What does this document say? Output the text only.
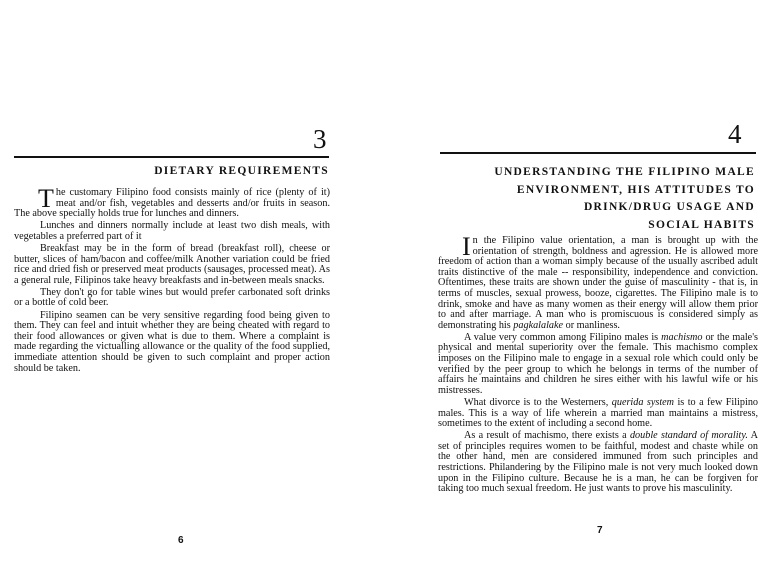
3
DIETARY REQUIREMENTS

The customary Filipino food consists mainly of rice (plenty of it) meat and/or fish, vegetables and desserts and/or fruits in season. The above specially holds true for lunches and dinners.

Lunches and dinners normally include at least two dish meals, with vegetables a preferred part of it

Breakfast may be in the form of bread (breakfast roll), cheese or butter, slices of ham/bacon and coffee/milk Another variation could be fried rice and dried fish or preserved meat products (sausages, processed meat). As a general rule, Filipinos take heavy breakfasts and in-between meals snacks.

They don't go for table wines but would prefer carbonated soft drinks or a bottle of cold beer.

Filipino seamen can be very sensitive regarding food being given to them. They can feel and intuit whether they are being cheated with regard to their food allowances or given what is due to them. Where a complaint is made regarding the victualling allowance or the quality of the food supplied, immediate attention should be given to such complaint and proper action should be taken.

6
4
UNDERSTANDING THE FILIPINO MALE
ENVIRONMENT, HIS ATTITUDES TO
DRINK/DRUG USAGE AND
SOCIAL HABITS

In the Filipino value orientation, a man is brought up with the orientation of strength, boldness and agression. He is allowed more freedom of action than a woman simply because of the usually ascribed adult traits distinctive of the male -- responsibility, independence and conviction. Oftentimes, these traits are shown under the guise of masculinity - that is, in terms of muscles, sexual prowess, booze, cigarettes. The Filipino male is to drink, smoke and have as many women as their energy will allow them prior to and after marriage. A man who is promiscuous is considered simply as demonstrating his pagkalalake or manliness.

A value very common among Filipino males is machismo or the male's physical and mental superiority over the female. This machismo complex imposes on the Filipino male to engage in a sexual role which could only be verified by the peer group to which he belongs in terms of the number of affairs he maintains and children he sires either with his lawful wife or his mistresses.

What divorce is to the Westerners, querida system is to a few Filipino males. This is a way of life wherein a married man maintains a mistress, sometimes to the extent of including a second home.

As a result of machismo, there exists a double standard of morality. A set of principles requires women to be faithful, modest and chaste while on the other hand, men are considered immuned from such principles and restrictions. Philandering by the Filipino male is not very much looked down upon in the Filipino culture. Because he is a man, he can be forgiven for taking too much sexual freedom. He just wants to prove his masculinity.

7
